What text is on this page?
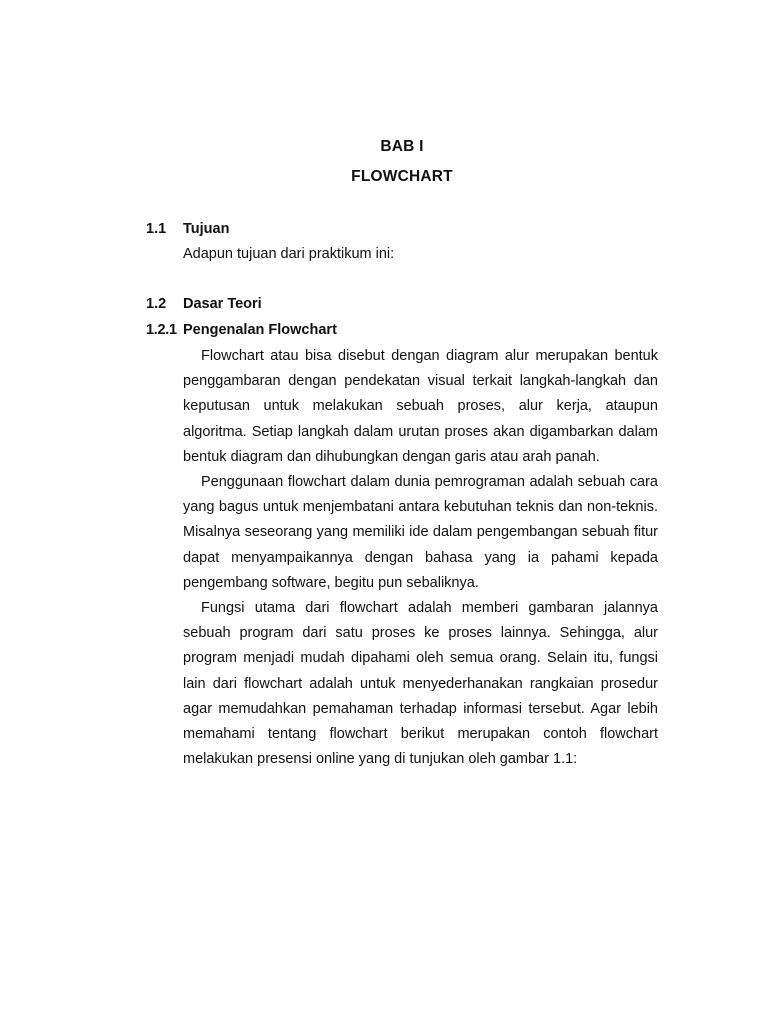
BAB I
FLOWCHART
1.1 Tujuan
Adapun tujuan dari praktikum ini:
1.2 Dasar Teori
1.2.1 Pengenalan Flowchart

Flowchart atau bisa disebut dengan diagram alur merupakan bentuk penggambaran dengan pendekatan visual terkait langkah-langkah dan keputusan untuk melakukan sebuah proses, alur kerja, ataupun algoritma. Setiap langkah dalam urutan proses akan digambarkan dalam bentuk diagram dan dihubungkan dengan garis atau arah panah.

Penggunaan flowchart dalam dunia pemrograman adalah sebuah cara yang bagus untuk menjembatani antara kebutuhan teknis dan non-teknis. Misalnya seseorang yang memiliki ide dalam pengembangan sebuah fitur dapat menyampaikannya dengan bahasa yang ia pahami kepada pengembang software, begitu pun sebaliknya.

Fungsi utama dari flowchart adalah memberi gambaran jalannya sebuah program dari satu proses ke proses lainnya. Sehingga, alur program menjadi mudah dipahami oleh semua orang. Selain itu, fungsi lain dari flowchart adalah untuk menyederhanakan rangkaian prosedur agar memudahkan pemahaman terhadap informasi tersebut. Agar lebih memahami tentang flowchart berikut merupakan contoh flowchart melakukan presensi online yang di tunjukan oleh gambar 1.1:
